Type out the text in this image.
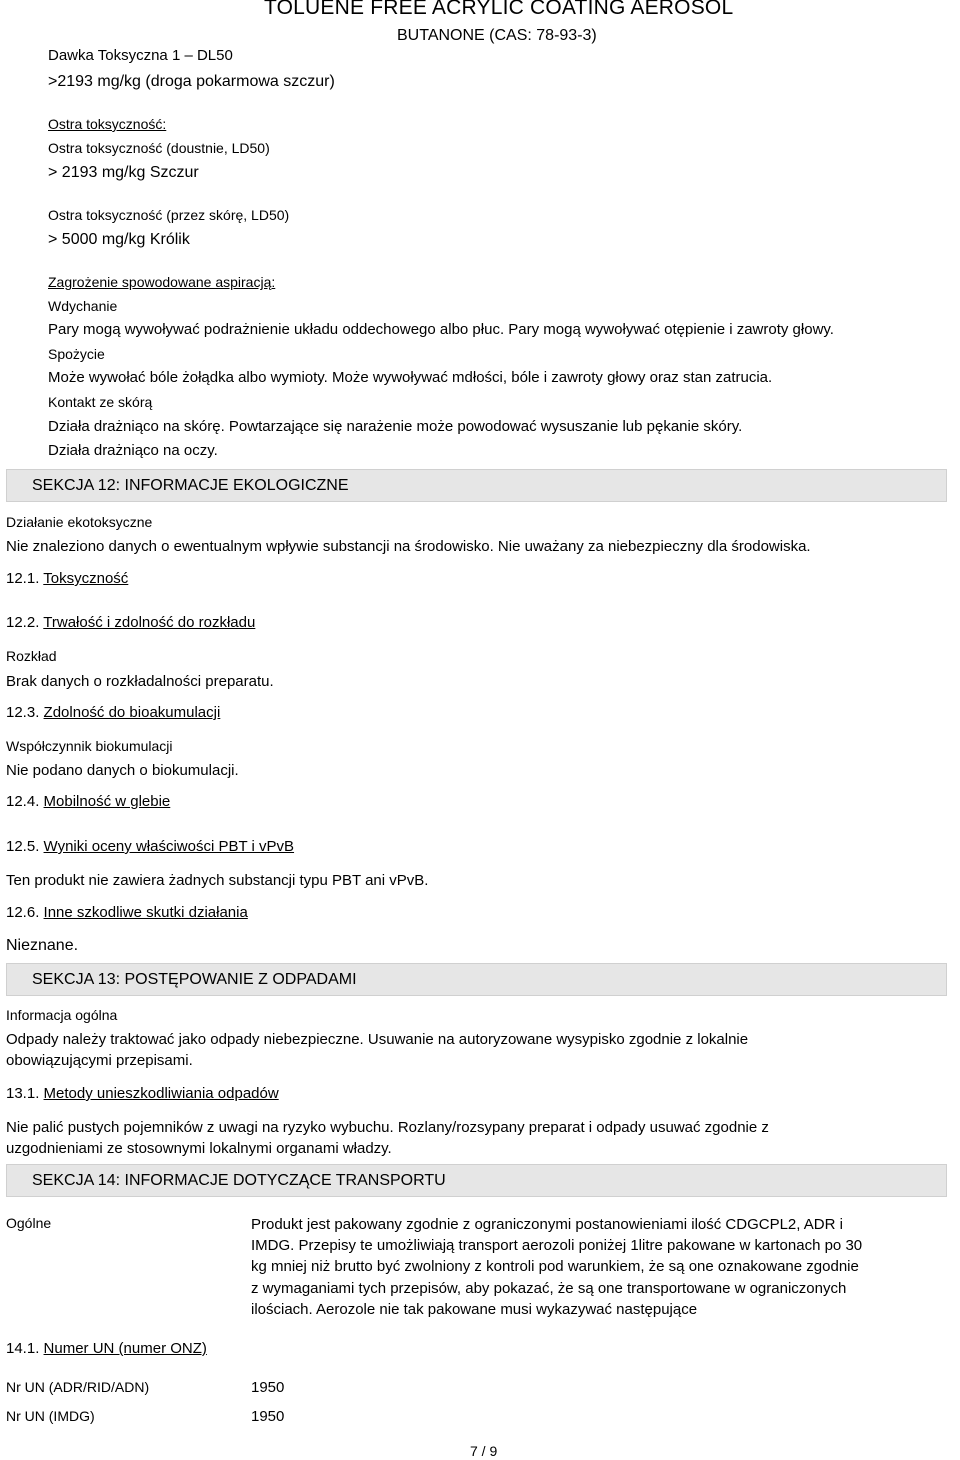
TOLUENE FREE ACRYLIC COATING AEROSOL
BUTANONE (CAS: 78-93-3)
Dawka Toksyczna 1 – DL50
>2193 mg/kg (droga pokarmowa szczur)
Ostra toksyczność:
Ostra toksyczność (doustnie, LD50)
> 2193 mg/kg Szczur
Ostra toksyczność (przez skórę, LD50)
> 5000 mg/kg Królik
Zagrożenie spowodowane aspiracją:
Wdychanie
Pary mogą wywoływać podrażnienie układu oddechowego albo płuc. Pary mogą wywoływać otępienie i zawroty głowy.
Spożycie
Może wywołać bóle żołądka albo wymioty. Może wywoływać mdłości, bóle i zawroty głowy oraz stan zatrucia.
Kontakt ze skórą
Działa drażniąco na skórę. Powtarzające się narażenie może powodować wysuszanie lub pękanie skóry.
Działa drażniąco na oczy.
SEKCJA 12: INFORMACJE EKOLOGICZNE
Działanie ekotoksyczne
Nie znaleziono danych o ewentualnym wpływie substancji na środowisko. Nie uważany za niebezpieczny dla środowiska.
12.1. Toksyczność
12.2. Trwałość i zdolność do rozkładu
Rozkład
Brak danych o rozkładalności preparatu.
12.3. Zdolność do bioakumulacji
Współczynnik biokumulacji
Nie podano danych o biokumulacji.
12.4. Mobilność w glebie
12.5. Wyniki oceny właściwości PBT i vPvB
Ten produkt nie zawiera żadnych substancji typu PBT ani vPvB.
12.6. Inne szkodliwe skutki działania
Nieznane.
SEKCJA 13: POSTĘPOWANIE Z ODPADAMI
Informacja ogólna
Odpady należy traktować jako odpady niebezpieczne. Usuwanie na autoryzowane wysypisko zgodnie z lokalnie
obowiązującymi przepisami.
13.1. Metody unieszkodliwiania odpadów
Nie palić pustych pojemników z uwagi na ryzyko wybuchu. Rozlany/rozsypany preparat i odpady usuwać zgodnie z
uzgodnieniami ze stosownymi lokalnymi organami władzy.
SEKCJA 14: INFORMACJE DOTYCZĄCE TRANSPORTU
Ogólne	Produkt jest pakowany zgodnie z ograniczonymi postanowieniami ilość CDGCPL2, ADR i
IMDG. Przepisy te umożliwiają transport aerozoli poniżej 1litre pakowane w kartonach po 30
kg mniej niż brutto być zwolniony z kontroli pod warunkiem, że są one oznakowane zgodnie
z wymaganiami tych przepisów, aby pokazać, że są one transportowane w ograniczonych
ilościach. Aerozole nie tak pakowane musi wykazywać następujące
14.1. Numer UN (numer ONZ)
Nr UN (ADR/RID/ADN)	1950
Nr UN (IMDG)	1950
7 / 9
